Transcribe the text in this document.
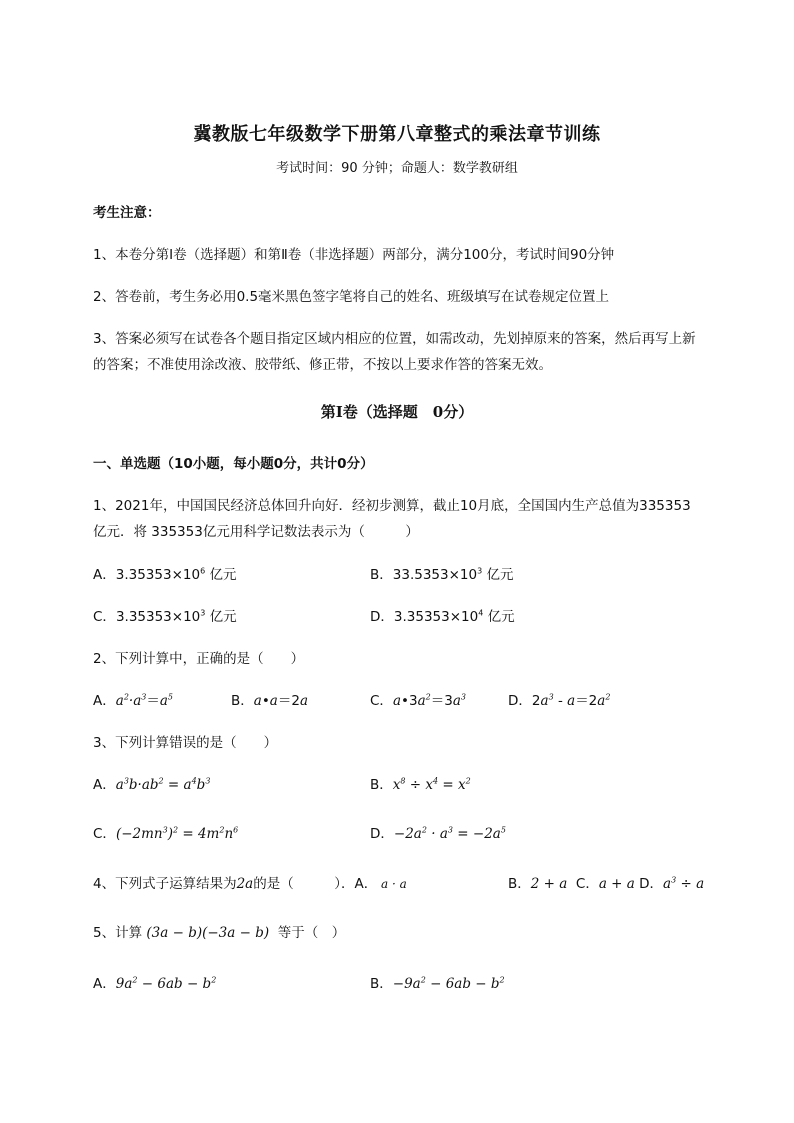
冀教版七年级数学下册第八章整式的乘法章节训练
考试时间：90 分钟；命题人：数学教研组
考生注意：
1、本卷分第Ⅰ卷（选择题）和第Ⅱ卷（非选择题）两部分，满分100分，考试时间90分钟
2、答卷前，考生务必用0.5毫米黑色签字笔将自己的姓名、班级填写在试卷规定位置上
3、答案必须写在试卷各个题目指定区域内相应的位置，如需改动，先划掉原来的答案，然后再写上新
的答案；不准使用涂改液、胶带纸、修正带，不按以上要求作答的答案无效。
第Ⅰ卷（选择题　0分）
一、单选题（10小题，每小题0分，共计0分）
1、2021年，中国国民经济总体回升向好．经初步测算，截止10月底，全国国内生产总值为335353
亿元．将 335353亿元用科学记数法表示为（　　　）
A．$3.35353\times 10^6$ 亿元	B．$33.5353\times 10^3$ 亿元
C．$3.35353\times 10^3$ 亿元	D．$3.35353\times 10^4$ 亿元
2、下列计算中，正确的是（　　）
A．$a^2\cdot a^3=a^5$	B．a•a＝2a	C．$a•3a^2=3a^3$	D．$2a^3 - a=2a^2$
3、下列计算错误的是（　　）
A．$a^3b\cdot ab^2 = a^4b^3$	B．$x^8 \div x^4 = x^2$
C．$(-2mn^3)^2 = 4m^2n^6$	D．$-2a^2 \cdot a^3 = -2a^5$
4、下列式子运算结果为2a的是（　　　）．A． a · a	B．2 + a C．a + a D．$a^3 \div a$
5、计算 (3a − b)(−3a − b) 等于（　）
A．$9a^2 - 6ab - b^2$	B．$-9a^2 - 6ab - b^2$
